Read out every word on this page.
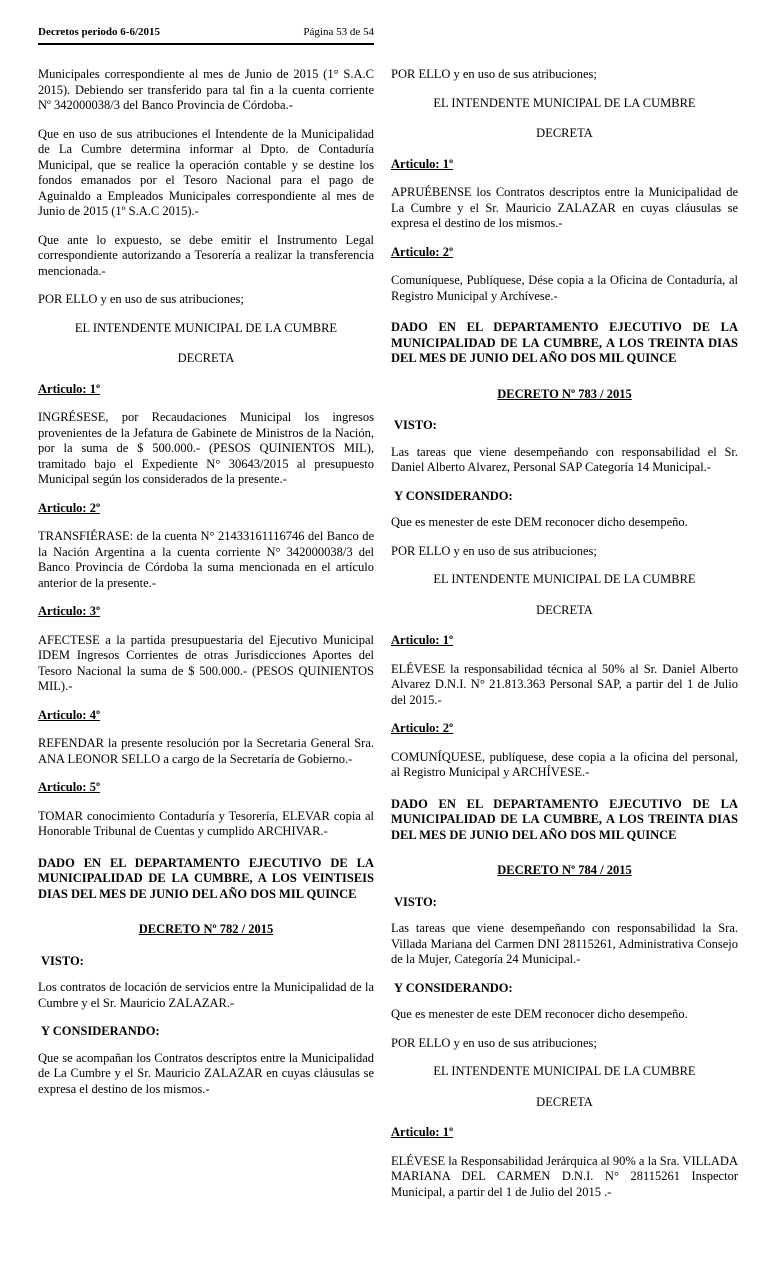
Decretos periodo 6-6/2015	Página 53 de 54
Municipales correspondiente al mes de Junio de 2015 (1° S.A.C 2015). Debiendo ser transferido para tal fin a la cuenta corriente Nº 342000038/3 del Banco Provincia de Córdoba.-
Que en uso de sus atribuciones el Intendente de la Municipalidad de La Cumbre determina informar al Dpto. de Contaduría Municipal, que se realice la operación contable y se destine los fondos emanados por el Tesoro Nacional para el pago de Aguinaldo a Empleados Municipales correspondiente al mes de Junio de 2015 (1º S.A.C 2015).-
Que ante lo expuesto, se debe emitir el Instrumento Legal correspondiente autorizando a Tesorería a realizar la transferencia mencionada.-
POR ELLO y en uso de sus atribuciones;
EL INTENDENTE MUNICIPAL DE LA CUMBRE
DECRETA
Articulo: 1º
INGRÉSESE, por Recaudaciones Municipal los ingresos provenientes de la Jefatura de Gabinete de Ministros de la Nación, por la suma de $ 500.000.- (PESOS QUINIENTOS MIL), tramitado bajo el Expediente N° 30643/2015 al presupuesto Municipal según los considerados de la presente.-
Articulo: 2º
TRANSFIÉRASE: de la cuenta N° 21433161116746 del Banco de la Nación Argentina a la cuenta corriente N° 342000038/3 del Banco Provincia de Córdoba la suma mencionada en el artículo anterior de la presente.-
Articulo: 3º
AFECTESE a la partida presupuestaria del Ejecutivo Municipal IDEM Ingresos Corrientes de otras Jurisdicciones Aportes del Tesoro Nacional la suma de $ 500.000.- (PESOS QUINIENTOS MIL).-
Articulo: 4º
REFENDAR la presente resolución por la Secretaria General Sra. ANA LEONOR SELLO a cargo de la Secretaría de Gobierno.-
Articulo: 5º
TOMAR conocimiento Contaduría y Tesorería, ELEVAR copia al Honorable Tribunal de Cuentas y cumplido ARCHIVAR.-
DADO EN EL DEPARTAMENTO EJECUTIVO DE LA MUNICIPALIDAD DE LA CUMBRE, A LOS VEINTISEIS DIAS DEL MES DE JUNIO DEL AÑO DOS MIL QUINCE
DECRETO Nº 782 / 2015
VISTO:
Los contratos de locación de servicios entre la Municipalidad de la Cumbre y el Sr. Mauricio ZALAZAR.-
Y CONSIDERANDO:
Que se acompañan los Contratos descriptos entre la Municipalidad de La Cumbre y el Sr. Mauricio ZALAZAR en cuyas cláusulas se expresa el destino de los mismos.-
POR ELLO y en uso de sus atribuciones;
EL INTENDENTE MUNICIPAL DE LA CUMBRE
DECRETA
Articulo: 1º
APRUÉBENSE los Contratos descriptos entre la Municipalidad de La Cumbre y el Sr. Mauricio ZALAZAR en cuyas cláusulas se expresa el destino de los mismos.-
Articulo: 2º
Comuníquese, Publíquese, Dése copia a la Oficina de Contaduría, al Registro Municipal y Archívese.-
DADO EN EL DEPARTAMENTO EJECUTIVO DE LA MUNICIPALIDAD DE LA CUMBRE, A LOS TREINTA DIAS DEL MES DE JUNIO DEL AÑO DOS MIL QUINCE
DECRETO Nº 783 / 2015
VISTO:
Las tareas que viene desempeñando con responsabilidad el Sr. Daniel Alberto Alvarez, Personal SAP Categoría 14 Municipal.-
Y CONSIDERANDO:
Que es menester de este DEM reconocer dicho desempeño.
POR ELLO y en uso de sus atribuciones;
EL INTENDENTE MUNICIPAL DE LA CUMBRE
DECRETA
Articulo: 1º
ELÉVESE la responsabilidad técnica al 50% al Sr. Daniel Alberto Alvarez D.N.I. N° 21.813.363 Personal SAP, a partir del 1 de Julio del 2015.-
Articulo: 2º
COMUNÍQUESE, publíquese, dese copia a la oficina del personal, al Registro Municipal y ARCHÍVESE.-
DADO EN EL DEPARTAMENTO EJECUTIVO DE LA MUNICIPALIDAD DE LA CUMBRE, A LOS TREINTA DIAS DEL MES DE JUNIO DEL AÑO DOS MIL QUINCE
DECRETO Nº 784 / 2015
VISTO:
Las tareas que viene desempeñando con responsabilidad la Sra. Villada Mariana del Carmen DNI 28115261, Administrativa Consejo de la Mujer, Categoría 24 Municipal.-
Y CONSIDERANDO:
Que es menester de este DEM reconocer dicho desempeño.
POR ELLO y en uso de sus atribuciones;
EL INTENDENTE MUNICIPAL DE LA CUMBRE
DECRETA
Articulo: 1º
ELÉVESE la Responsabilidad Jerárquica al 90% a la Sra. VILLADA MARIANA DEL CARMEN D.N.I. N° 28115261 Inspector Municipal, a partir del 1 de Julio del 2015 .-
